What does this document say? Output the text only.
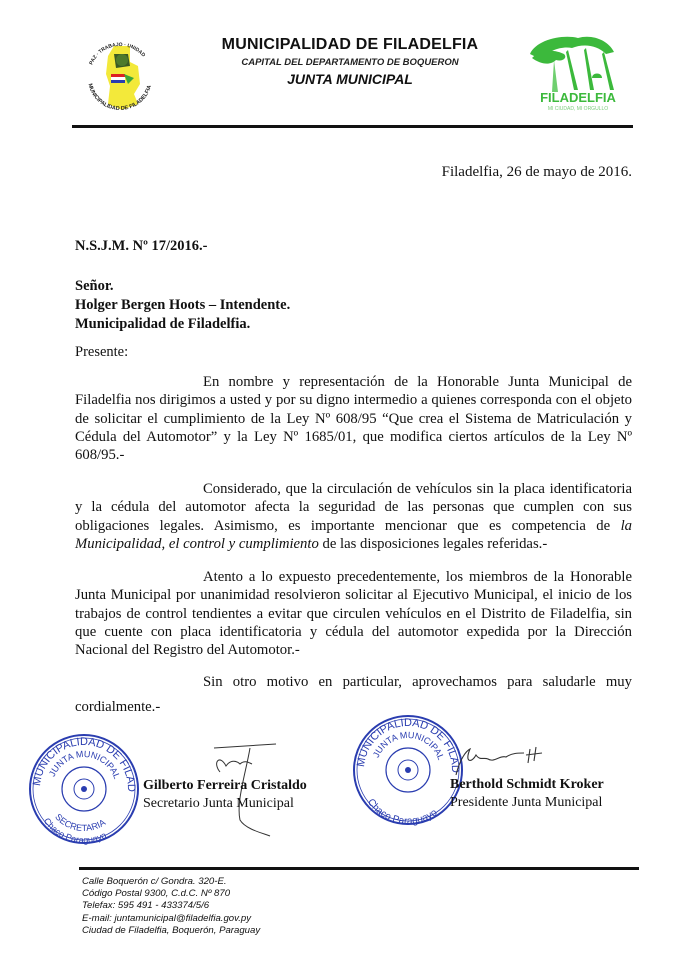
PAZ · TRABAJO · UNIDAD
MUNICIPALIDAD DE FILADELFIA
MUNICIPALIDAD DE FILADELFIA
CAPITAL DEL DEPARTAMENTO DE BOQUERON
JUNTA MUNICIPAL
FILADELFIA
MI CIUDAD, MI ORGULLO
Filadelfia, 26 de mayo de 2016.
N.S.J.M. Nº 17/2016.-
Señor.
Holger Bergen Hoots – Intendente.
Municipalidad de Filadelfia.
Presente:
En nombre y representación de la Honorable Junta Municipal de Filadelfia nos dirigimos a usted y por su digno intermedio a quienes corresponda con el objeto de solicitar el cumplimiento de la Ley Nº 608/95 “Que crea el Sistema de Matriculación y Cédula del Automotor” y la Ley Nº 1685/01, que modifica ciertos artículos de la Ley Nº 608/95.-
Considerado, que la circulación de vehículos sin la placa identificatoria y la cédula del automotor afecta la seguridad de las personas que cumplen con sus obligaciones legales. Asimismo, es importante mencionar que es competencia de la Municipalidad, el control y cumplimiento de las disposiciones legales referidas.-
Atento a lo expuesto precedentemente, los miembros de la Honorable Junta Municipal por unanimidad resolvieron solicitar al Ejecutivo Municipal, el inicio de los trabajos de control tendientes a evitar que circulen vehículos en el Distrito de Filadelfia, sin que cuente con placa identificatoria y cédula del automotor expedida por la Dirección Nacional del Registro del Automotor.-
Sin otro motivo en particular, aprovechamos para saludarle muy
cordialmente.-
MUNICIPALIDAD DE FILAD
JUNTA MUNICIPAL
SECRETARIA
Chaco Paraguayo
MUNICIPALIDAD DE FILAD
JUNTA MUNICIPAL
Chaco Paraguayo
Gilberto Ferreira Cristaldo
Secretario Junta Municipal
Berthold Schmidt Kroker
Presidente Junta Municipal
Calle Boquerón c/ Gondra. 320-E.
Código Postal 9300, C.d.C. Nº 870
Telefax: 595 491 - 433374/5/6
E-mail: juntamunicipal@filadelfia.gov.py
Ciudad de Filadelfia, Boquerón, Paraguay
